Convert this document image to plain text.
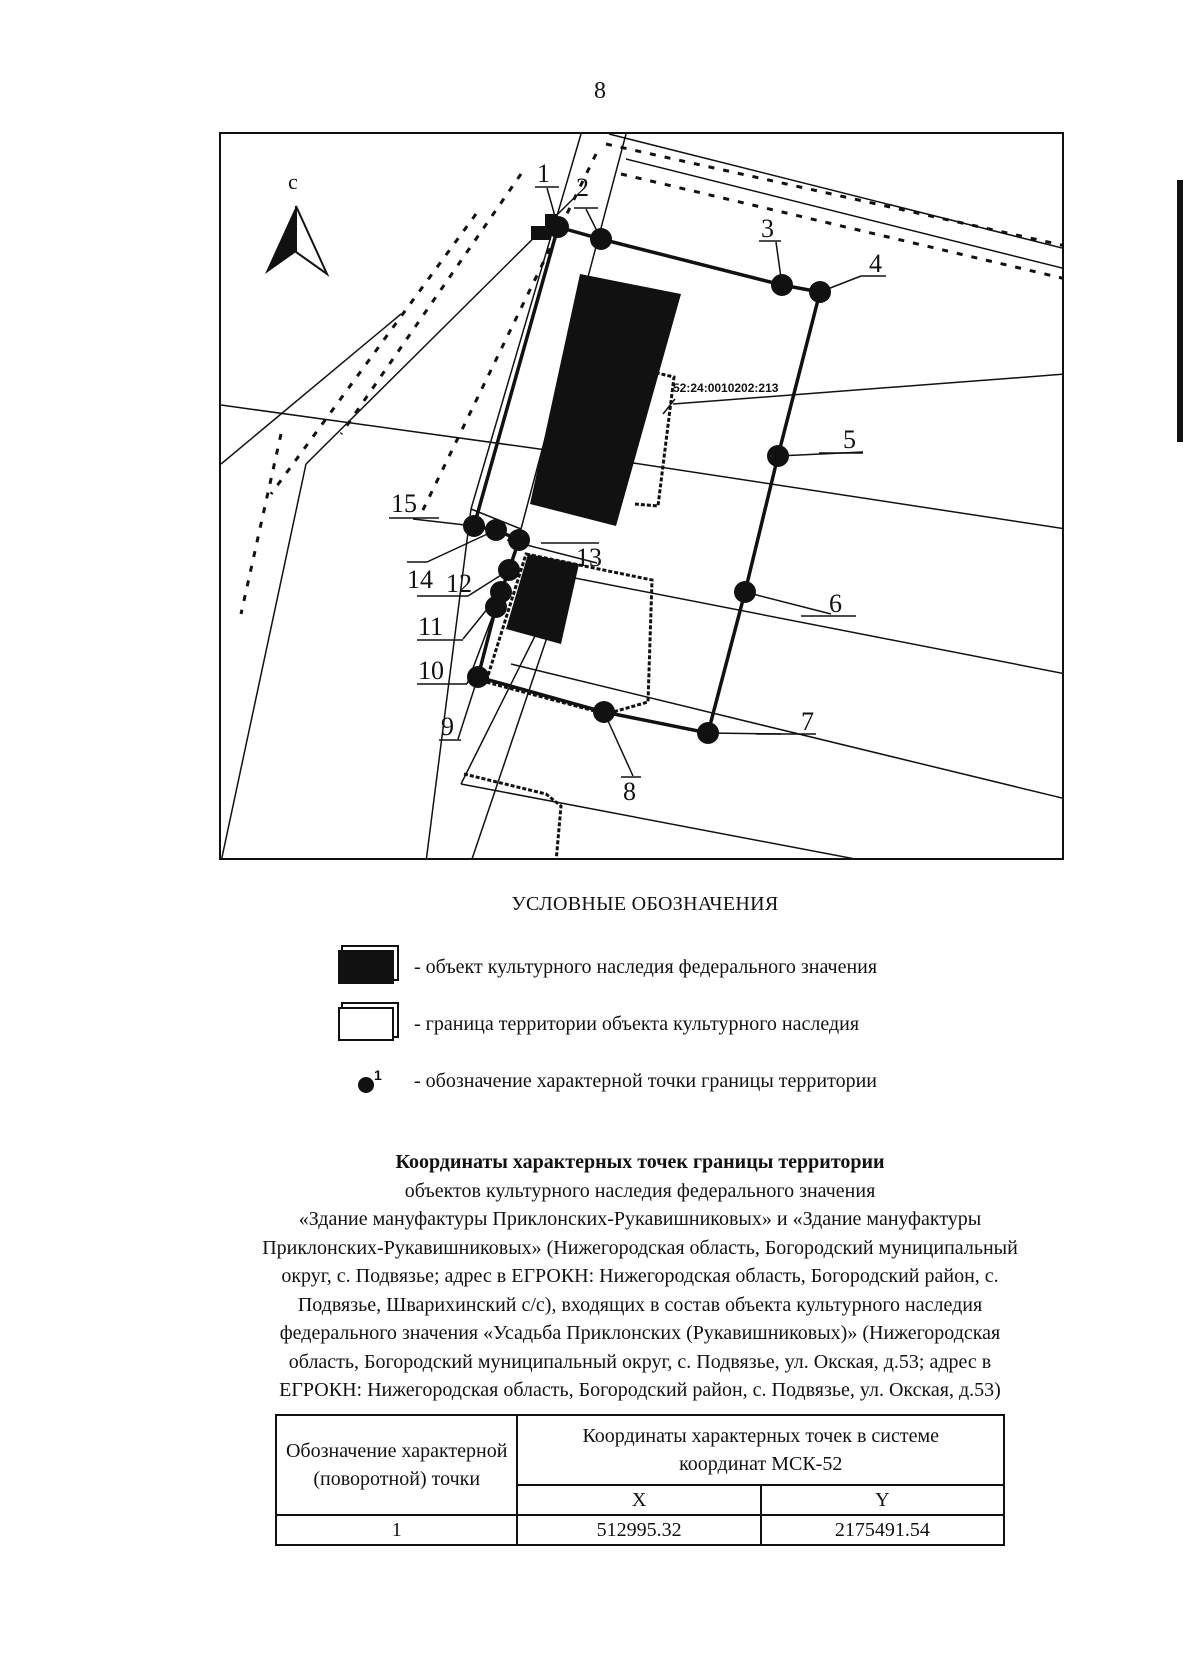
8
1 2
3
4
5
6
7
8
9
10
11
12
13
14
15
52:24:0010202:213
с
УСЛОВНЫЕ ОБОЗНАЧЕНИЯ
- объект культурного наследия федерального значения
- граница территории объекта культурного наследия
1 - обозначение характерной точки границы территории
Координаты характерных точек границы территории
объектов культурного наследия федерального значения
«Здание мануфактуры Приклонских-Рукавишниковых» и «Здание мануфактуры
Приклонских-Рукавишниковых» (Нижегородская область, Богородский муниципальный
округ, с. Подвязье; адрес в ЕГРОКН: Нижегородская область, Богородский район, с.
Подвязье, Шварихинский с/с), входящих в состав объекта культурного наследия
федерального значения «Усадьба Приклонских (Рукавишниковых)» (Нижегородская
область, Богородский муниципальный округ, с. Подвязье, ул. Окская, д.53; адрес в
ЕГРОКН: Нижегородская область, Богородский район, с. Подвязье, ул. Окская, д.53)
Обозначение характерной (поворотной) точки	Координаты характерных точек в системе координат МСК-52	
	X	Y
1	512995.32	2175491.54
